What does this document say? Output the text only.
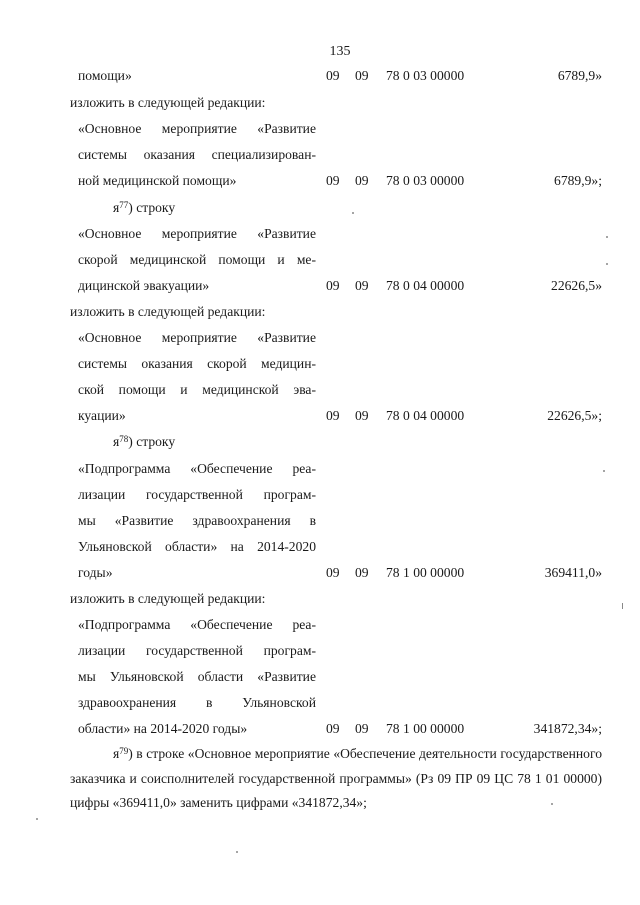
135
помощи»	09 09 78 0 03 00000	6789,9»
изложить в следующей редакции:
«Основное мероприятие «Развитие
системы оказания специализирован-
ной медицинской помощи»	09 09 78 0 03 00000	6789,9»;
$я^{77}$) строку
«Основное мероприятие «Развитие
скорой медицинской помощи и ме-
дицинской эвакуации»	09 09 78 0 04 00000	22626,5»
изложить в следующей редакции:
«Основное мероприятие «Развитие
системы оказания скорой медицин-
ской помощи и медицинской эва-
куации»	09 09 78 0 04 00000	22626,5»;
$я^{78}$) строку
«Подпрограмма «Обеспечение реа-
лизации государственной програм-
мы «Развитие здравоохранения в
Ульяновской области» на 2014-2020
годы»	09 09 78 1 00 00000	369411,0»
изложить в следующей редакции:
«Подпрограмма «Обеспечение реа-
лизации государственной програм-
мы Ульяновской области «Развитие
здравоохранения в Ульяновской
области» на 2014-2020 годы»	09 09 78 1 00 00000	341872,34»;
$я^{79}$) в строке «Основное мероприятие «Обеспечение деятельности государственного заказчика и соисполнителей государственной программы» (Рз 09 ПР 09 ЦС 78 1 01 00000) цифры «369411,0» заменить цифрами «341872,34»;
